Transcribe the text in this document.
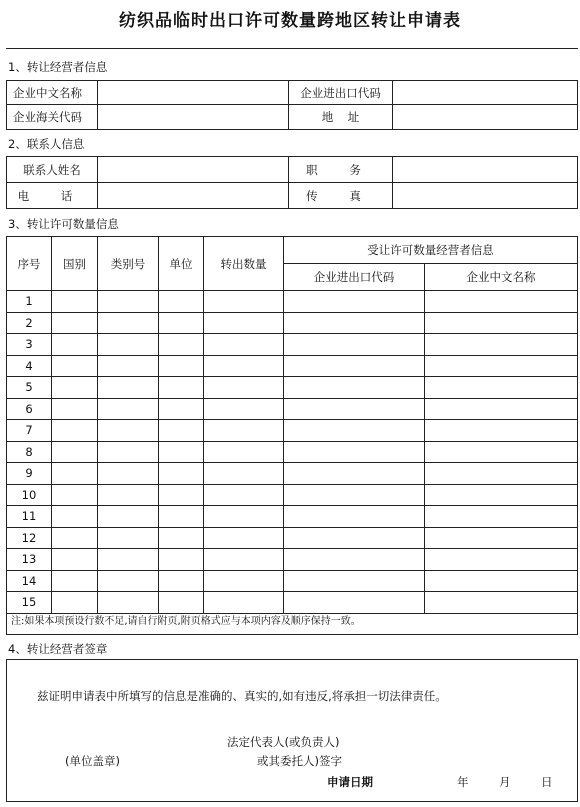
纺织品临时出口许可数量跨地区转让申请表
1、转让经营者信息
企业中文名称		企业进出口代码	
企业海关代码		地    址	
2、联系人信息
联系人姓名		职 务	
电 话		传 真	
3、转让许可数量信息
序号	国别	类别号	单位	转出数量	受让许可数量经营者信息	
					企业进出口代码	企业中文名称
1						
2						
3						
4						
5						
6						
7						
8						
9						
10						
11						
12						
13						
14						
15						
注:如果本项预设行数不足,请自行附页,附页格式应与本项内容及顺序保持一致。
4、转让经营者签章
兹证明申请表中所填写的信息是准确的、真实的,如有违反,将承担一切法律责任。
法定代表人(或负责人)
(单位盖章)	或其委托人)签字
申请日期	年	月	日
